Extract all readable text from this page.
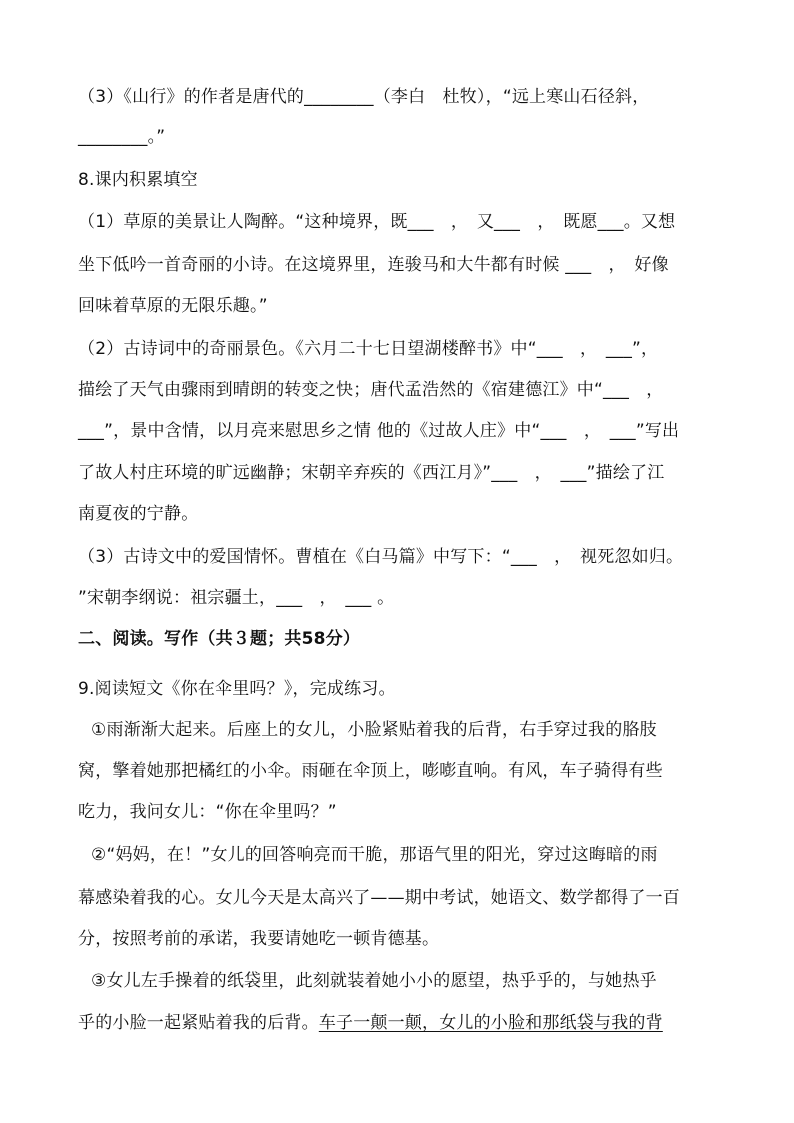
（3）《山行》的作者是唐代的________（李白　杜牧），“远上寒山石径斜，
________。”
8.课内积累填空
（1）草原的美景让人陶醉。“这种境界，既___　，　又___　，　既愿___。又想
坐下低吟一首奇丽的小诗。在这境界里，连骏马和大牛都有时候 ___　，　好像
回味着草原的无限乐趣。”
（2）古诗词中的奇丽景色。《六月二十七日望湖楼醉书》中“___　，　___”，
描绘了天气由骤雨到晴朗的转变之快；唐代孟浩然的《宿建德江》中“___　，
___”，景中含情，以月亮来慰思乡之情 他的《过故人庄》中“___　，　___”写出
了故人村庄环境的旷远幽静；宋朝辛弃疾的《西江月》”___　，　___”描绘了江
南夏夜的宁静。
（3）古诗文中的爱国情怀。曹植在《白马篇》中写下：“___　，　视死忽如归。
”宋朝李纲说：祖宗疆土，___　，　___ 。
二、阅读。写作（共３题；共58分）
9.阅读短文《你在伞里吗？》，完成练习。
①雨渐渐大起来。后座上的女儿，小脸紧贴着我的后背，右手穿过我的胳肢
窝，擎着她那把橘红的小伞。雨砸在伞顶上，嘭嘭直响。有风，车子骑得有些
吃力，我问女儿：“你在伞里吗？”
②“妈妈，在！”女儿的回答响亮而干脆，那语气里的阳光，穿过这晦暗的雨
幕感染着我的心。女儿今天是太高兴了——期中考试，她语文、数学都得了一百
分，按照考前的承诺，我要请她吃一顿肯德基。
③女儿左手操着的纸袋里，此刻就装着她小小的愿望，热乎乎的，与她热乎
乎的小脸一起紧贴着我的后背。车子一颠一颠，女儿的小脸和那纸袋与我的背
